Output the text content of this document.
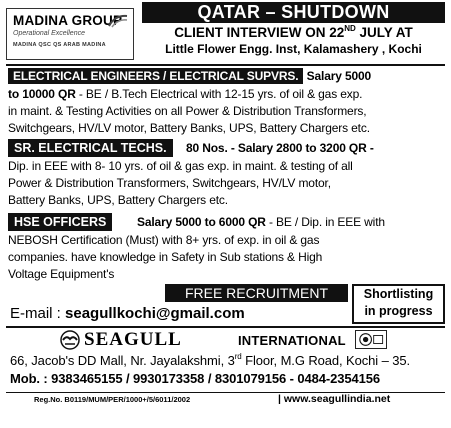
MADINA GROUP
Operational Excellence
MADINA QSC QS ARAB MADINA
QATAR – SHUTDOWN
CLIENT INTERVIEW ON 22ND JULY AT
Little Flower Engg. Inst, Kalamashery , Kochi
ELECTRICAL ENGINEERS / ELECTRICAL SUPVRS. Salary 5000
to 10000 QR - BE / B.Tech Electrical with 12-15 yrs. of oil & gas exp.
in maint. & Testing Activities on all Power & Distribution Transformers,
Switchgears, HV/LV motor, Battery Banks, UPS, Battery Chargers etc.
SR. ELECTRICAL TECHS.	80 Nos. - Salary 2800 to 3200 QR -
Dip. in EEE with 8- 10 yrs. of oil & gas exp. in maint. & testing of all
Power & Distribution Transformers, Switchgears, HV/LV motor,
Battery Banks, UPS, Battery Chargers etc.
HSE OFFICERS	Salary 5000 to 6000 QR - BE / Dip. in EEE with
NEBOSH Certification (Must) with 8+ yrs. of exp. in oil & gas
companies. have knowledge in Safety in Sub stations & High
Voltage Equipment's
FREE RECRUITMENT	Shortlisting
in progress
E-mail : seagullkochi@gmail.com
SEAGULL	INTERNATIONAL
66, Jacob's DD Mall, Nr. Jayalakshmi, 3rd Floor, M.G Road, Kochi – 35.
Mob. : 9383465155 / 9930173358 / 8301079156 - 0484-2354156
Reg.No. B0119/MUM/PER/1000+/5/6011/2002	| www.seagullindia.net
